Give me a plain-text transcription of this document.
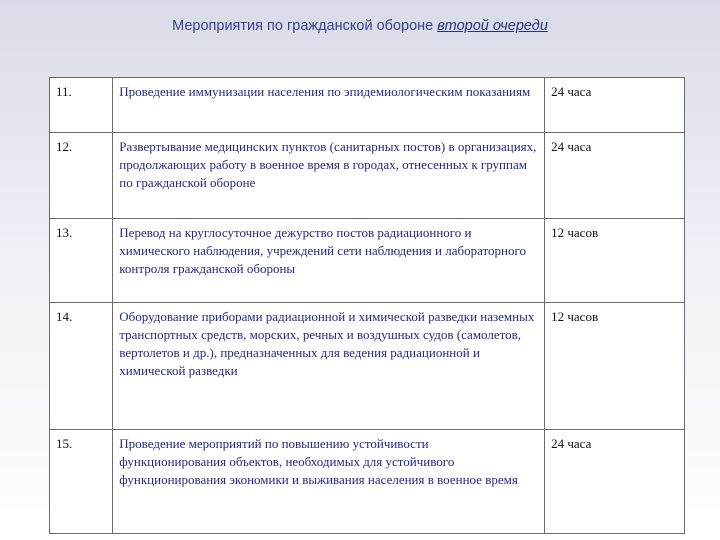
Мероприятия по гражданской обороне второй очереди
11.	Проведение иммунизации населения по эпидемиологическим показаниям	24 часа
12.	Развертывание медицинских пунктов (санитарных постов) в организациях, продолжающих работу в военное время в городах, отнесенных к группам по гражданской обороне	24 часа
13.	Перевод на круглосуточное дежурство постов радиационного и химического наблюдения, учреждений сети наблюдения и лабораторного контроля гражданской обороны	12 часов
14.	Оборудование приборами радиационной и химической разведки наземных транспортных средств, морских, речных и воздушных судов (самолетов, вертолетов и др.), предназначенных для ведения радиационной и химической разведки	12 часов
15.	Проведение мероприятий по повышению устойчивости функционирования объектов, необходимых для устойчивого функционирования экономики и выживания населения в военное время	24 часа
